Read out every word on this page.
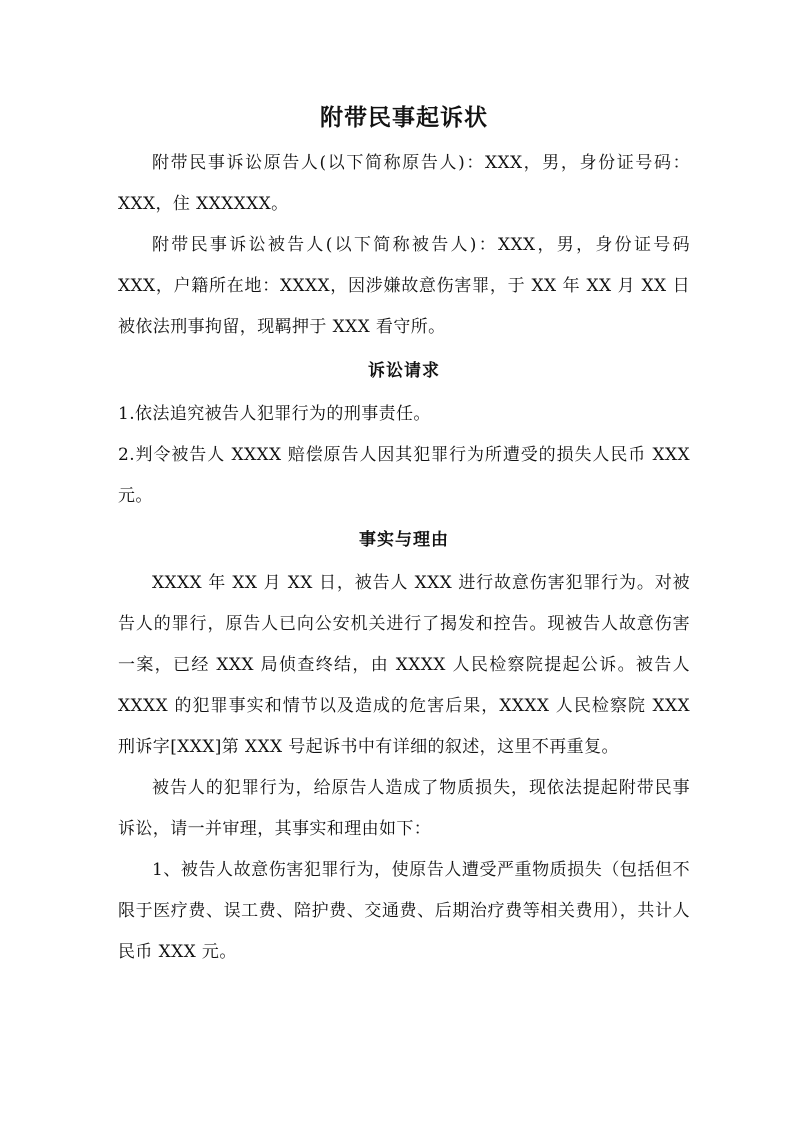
附带民事起诉状

附带民事诉讼原告人(以下简称原告人)：XXX，男，身份证号码：XXX，住 XXXXXX。

附带民事诉讼被告人(以下简称被告人)：XXX，男，身份证号码 XXX，户籍所在地：XXXX，因涉嫌故意伤害罪，于 XX 年 XX 月 XX 日被依法刑事拘留，现羁押于 XXX 看守所。

诉讼请求

1.依法追究被告人犯罪行为的刑事责任。

2.判令被告人 XXXX 赔偿原告人因其犯罪行为所遭受的损失人民币 XXX 元。

事实与理由

XXXX 年 XX 月 XX 日，被告人 XXX 进行故意伤害犯罪行为。对被告人的罪行，原告人已向公安机关进行了揭发和控告。现被告人故意伤害一案，已经 XXX 局侦查终结，由 XXXX 人民检察院提起公诉。被告人 XXXX 的犯罪事实和情节以及造成的危害后果，XXXX 人民检察院 XXX 刑诉字[XXX]第 XXX 号起诉书中有详细的叙述，这里不再重复。

被告人的犯罪行为，给原告人造成了物质损失，现依法提起附带民事诉讼，请一并审理，其事实和理由如下：

1、被告人故意伤害犯罪行为，使原告人遭受严重物质损失（包括但不限于医疗费、误工费、陪护费、交通费、后期治疗费等相关费用），共计人民币 XXX 元。
